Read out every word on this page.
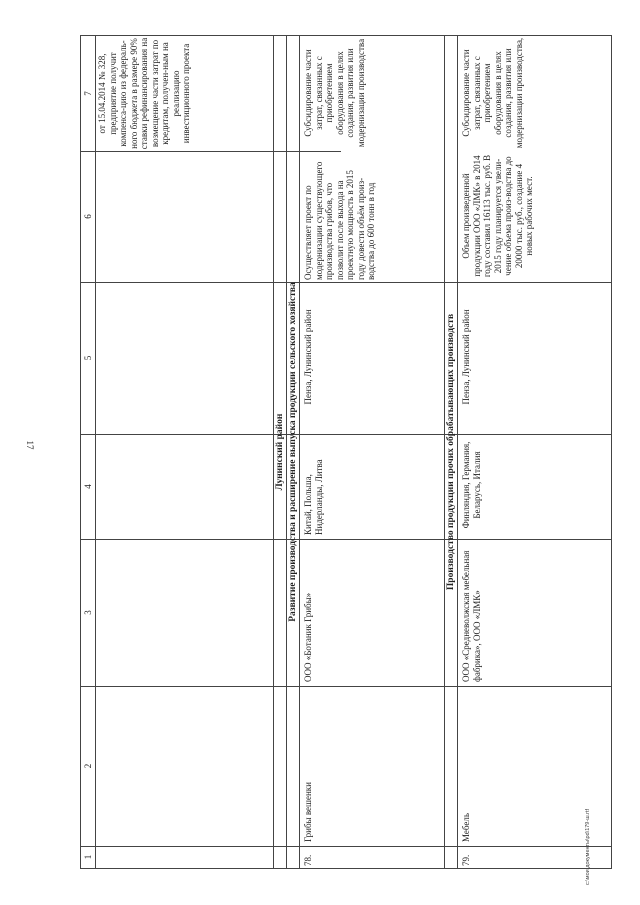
17
c:\мои документы\рd\179-ш.rtf
1
2
3
4
5
6
7 от 15.04.2014 № 328, предприятие получит компенса-цию из федераль-ного бюджета в размере 90% ставки рефинансирования на возмещение части затрат по кредитам, получен-ным на реализацию инвестиционного проекта
Лунинский район Развитие производства и расширение выпуска продукции сельского хозяйства
78.
Грибы вешенки
ООО «Ботаник Грибы»
Китай, Польша, Нидерланды, Литва
Пенза, Лунинский район
Осуществляет проект по модернизации существующего производства грибов, что позволит после выхода на проектную мощность в 2015 году довести объём произ-водства до 600 тонн в год
Субсидирование части затрат, связанных с приобретением оборудования в целях создания, развития или модернизации производства
Производство продукции прочих обрабатывающих производств
79.
Мебель
ООО «Средневолжская мебельная фабрика», ООО «ЛМК»
Финляндия, Германия, Беларусь, Италия
Пенза, Лунинский район
Объем произведенной продукции ООО «ЛМК» в 2014 году составил 16113 тыс. руб. В 2015 году планируется увели-чение объема произ-водства до 20000 тыс. руб., создание 4 новых рабочих мест.
Субсидирование части затрат, связанных с приобретением оборудования в целях создания, развития или модернизации производства,
